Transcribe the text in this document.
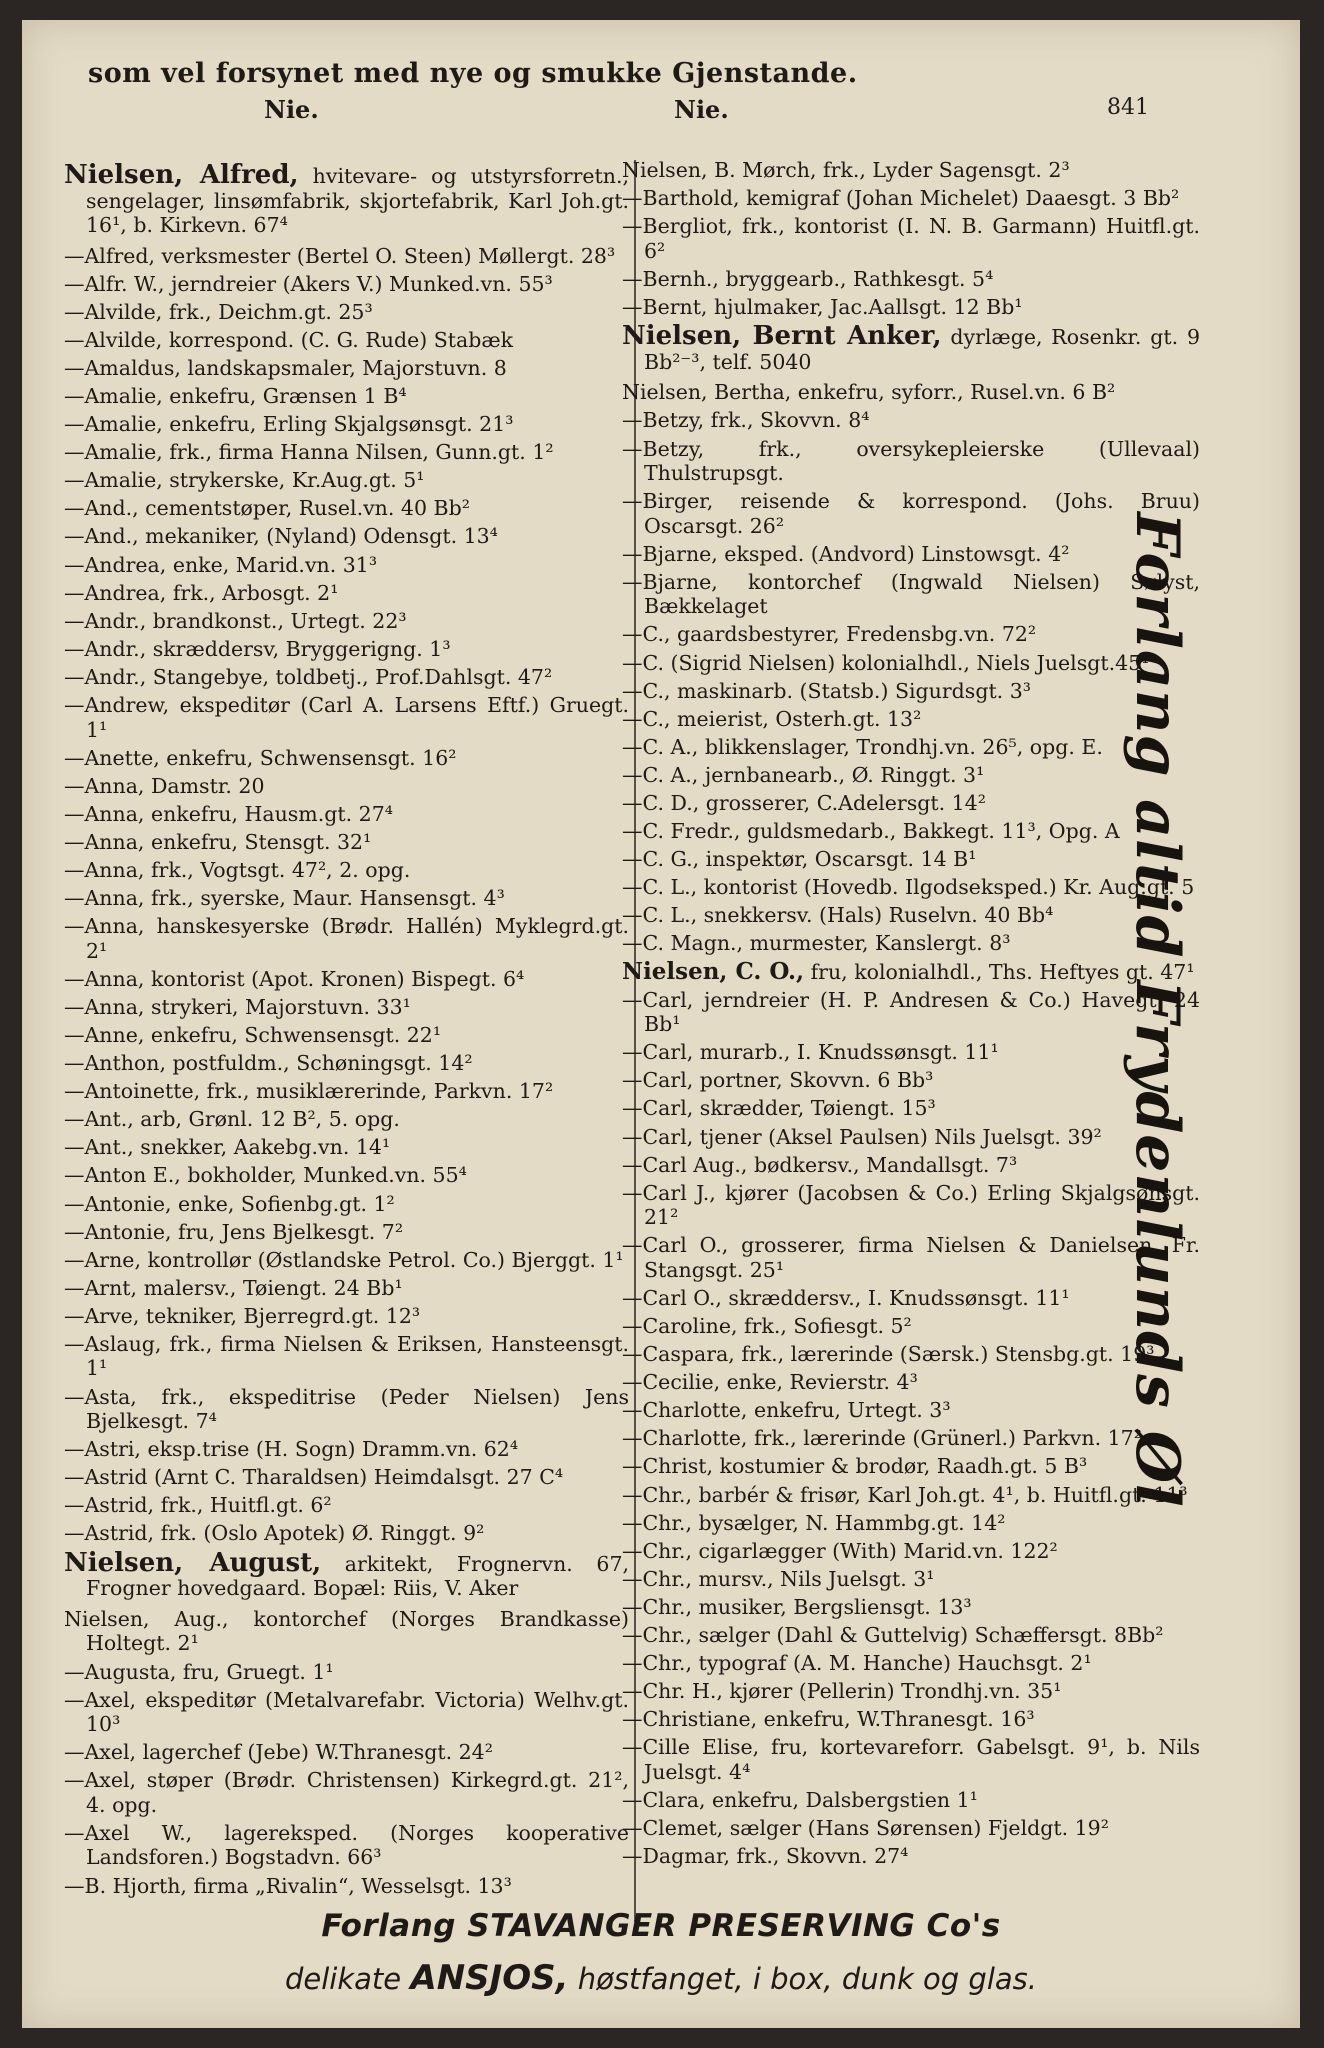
som vel forsynet med nye og smukke Gjenstande.
Nie.	Nie.	841

Nielsen, Alfred, hvitevare- og utstyrsforretn., sengelager, linsømfabrik, skjortefabrik, Karl Joh.gt. 16¹, b. Kirkevn. 67⁴

—Alfred, verksmester (Bertel O. Steen) Møllergt. 28³

—Alfr. W., jerndreier (Akers V.) Munked.vn. 55³

—Alvilde, frk., Deichm.gt. 25³

—Alvilde, korrespond. (C. G. Rude) Stabæk

—Amaldus, landskapsmaler, Majorstuvn. 8

—Amalie, enkefru, Grænsen 1 B⁴

—Amalie, enkefru, Erling Skjalgsønsgt. 21³

—Amalie, frk., firma Hanna Nilsen, Gunn.gt. 1²

—Amalie, strykerske, Kr.Aug.gt. 5¹

—And., cementstøper, Rusel.vn. 40 Bb²

—And., mekaniker, (Nyland) Odensgt. 13⁴

—Andrea, enke, Marid.vn. 31³

—Andrea, frk., Arbosgt. 2¹

—Andr., brandkonst., Urtegt. 22³

—Andr., skræddersv, Bryggerigng. 1³

—Andr., Stangebye, toldbetj., Prof.Dahlsgt. 47²

—Andrew, ekspeditør (Carl A. Larsens Eftf.) Gruegt. 1¹

—Anette, enkefru, Schwensensgt. 16²

—Anna, Damstr. 20

—Anna, enkefru, Hausm.gt. 27⁴

—Anna, enkefru, Stensgt. 32¹

—Anna, frk., Vogtsgt. 47², 2. opg.

—Anna, frk., syerske, Maur. Hansensgt. 4³

—Anna, hanskesyerske (Brødr. Hallén) Myklegrd.gt. 2¹

—Anna, kontorist (Apot. Kronen) Bispegt. 6⁴

—Anna, strykeri, Majorstuvn. 33¹

—Anne, enkefru, Schwensensgt. 22¹

—Anthon, postfuldm., Schøningsgt. 14²

—Antoinette, frk., musiklærerinde, Parkvn. 17²

—Ant., arb, Grønl. 12 B², 5. opg.

—Ant., snekker, Aakebg.vn. 14¹

—Anton E., bokholder, Munked.vn. 55⁴

—Antonie, enke, Sofienbg.gt. 1²

—Antonie, fru, Jens Bjelkesgt. 7²

—Arne, kontrollør (Østlandske Petrol. Co.) Bjerggt. 1¹

—Arnt, malersv., Tøiengt. 24 Bb¹

—Arve, tekniker, Bjerregrd.gt. 12³

—Aslaug, frk., firma Nielsen & Eriksen, Hansteensgt. 1¹

—Asta, frk., ekspeditrise (Peder Nielsen) Jens Bjelkesgt. 7⁴

—Astri, eksp.trise (H. Sogn) Dramm.vn. 62⁴

—Astrid (Arnt C. Tharaldsen) Heimdalsgt. 27 C⁴

—Astrid, frk., Huitfl.gt. 6²

—Astrid, frk. (Oslo Apotek) Ø. Ringgt. 9²

Nielsen, August, arkitekt, Frognervn. 67, Frogner hovedgaard. Bopæl: Riis, V. Aker

Nielsen, Aug., kontorchef (Norges Brandkasse) Holtegt. 2¹

—Augusta, fru, Gruegt. 1¹

—Axel, ekspeditør (Metalvarefabr. Victoria) Welhv.gt. 10³

—Axel, lagerchef (Jebe) W.Thranesgt. 24²

—Axel, støper (Brødr. Christensen) Kirkegrd.gt. 21², 4. opg.

—Axel W., lagereksped. (Norges kooperative Landsforen.) Bogstadvn. 66³

—B. Hjorth, firma „Rivalin“, Wesselsgt. 13³

Nielsen, B. Mørch, frk., Lyder Sagensgt. 2³

—Barthold, kemigraf (Johan Michelet) Daaesgt. 3 Bb²

—Bergliot, frk., kontorist (I. N. B. Garmann) Huitfl.gt. 6²

—Bernh., bryggearb., Rathkesgt. 5⁴

—Bernt, hjulmaker, Jac.Aallsgt. 12 Bb¹

Nielsen, Bernt Anker, dyrlæge, Rosenkr. gt. 9 Bb²⁻³, telf. 5040

Nielsen, Bertha, enkefru, syforr., Rusel.vn. 6 B²

—Betzy, frk., Skovvn. 8⁴

—Betzy, frk., oversykepleierske (Ullevaal) Thulstrupsgt.

—Birger, reisende & korrespond. (Johs. Bruu) Oscarsgt. 26²

—Bjarne, eksped. (Andvord) Linstowsgt. 4²

—Bjarne, kontorchef (Ingwald Nielsen) Sølyst, Bækkelaget

—C., gaardsbestyrer, Fredensbg.vn. 72²

—C. (Sigrid Nielsen) kolonialhdl., Niels Juelsgt.45¹

—C., maskinarb. (Statsb.) Sigurdsgt. 3³

—C., meierist, Osterh.gt. 13²

—C. A., blikkenslager, Trondhj.vn. 26⁵, opg. E.

—C. A., jernbanearb., Ø. Ringgt. 3¹

—C. D., grosserer, C.Adelersgt. 14²

—C. Fredr., guldsmedarb., Bakkegt. 11³, Opg. A

—C. G., inspektør, Oscarsgt. 14 B¹

—C. L., kontorist (Hovedb. Ilgodseksped.) Kr. Aug.gt. 5

—C. L., snekkersv. (Hals) Ruselvn. 40 Bb⁴

—C. Magn., murmester, Kanslergt. 8³

Nielsen, C. O., fru, kolonialhdl., Ths. Heftyes gt. 47¹

—Carl, jerndreier (H. P. Andresen & Co.) Havegt. 24 Bb¹

—Carl, murarb., I. Knudssønsgt. 11¹

—Carl, portner, Skovvn. 6 Bb³

—Carl, skrædder, Tøiengt. 15³

—Carl, tjener (Aksel Paulsen) Nils Juelsgt. 39²

—Carl Aug., bødkersv., Mandallsgt. 7³

—Carl J., kjører (Jacobsen & Co.) Erling Skjalgsønsgt. 21²

—Carl O., grosserer, firma Nielsen & Danielsen, Fr. Stangsgt. 25¹

—Carl O., skræddersv., I. Knudssønsgt. 11¹

—Caroline, frk., Sofiesgt. 5²

—Caspara, frk., lærerinde (Særsk.) Stensbg.gt. 19³

—Cecilie, enke, Revierstr. 4³

—Charlotte, enkefru, Urtegt. 3³

—Charlotte, frk., lærerinde (Grünerl.) Parkvn. 17²

—Christ, kostumier & brodør, Raadh.gt. 5 B³

—Chr., barbér & frisør, Karl Joh.gt. 4¹, b. Huitfl.gt. 11³

—Chr., bysælger, N. Hammbg.gt. 14²

—Chr., cigarlægger (With) Marid.vn. 122²

—Chr., mursv., Nils Juelsgt. 3¹

—Chr., musiker, Bergsliensgt. 13³

—Chr., sælger (Dahl & Guttelvig) Schæffersgt. 8Bb²

—Chr., typograf (A. M. Hanche) Hauchsgt. 2¹

—Chr. H., kjører (Pellerin) Trondhj.vn. 35¹

—Christiane, enkefru, W.Thranesgt. 16³

—Cille Elise, fru, kortevareforr. Gabelsgt. 9¹, b. Nils Juelsgt. 4⁴

—Clara, enkefru, Dalsbergstien 1¹

—Clemet, sælger (Hans Sørensen) Fjeldgt. 19²

—Dagmar, frk., Skovvn. 27⁴

Forlang altid Frydenlunds Øl
Forlang STAVANGER PRESERVING Co's
delikate ANSJOS, høstfanget, i box, dunk og glas.
